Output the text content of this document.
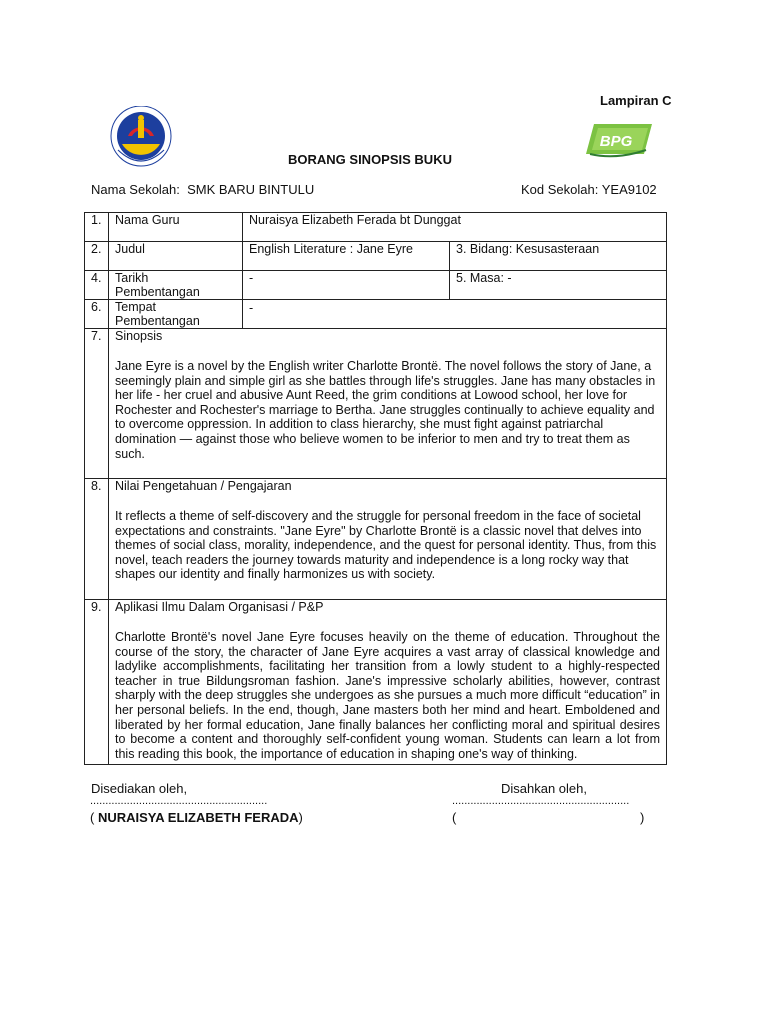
Lampiran C
BPG
BORANG SINOPSIS BUKU
Nama Sekolah: SMK BARU BINTULU	Kod Sekolah: YEA9102
1.	Nama Guru	Nuraisya Elizabeth Ferada bt Dunggat	
2.	Judul	English Literature : Jane Eyre	3. Bidang: Kesusasteraan
4.	Tarikh Pembentangan	-	5. Masa: -
6.	Tempat Pembentangan	-	
7.	Sinopsis
Jane Eyre is a novel by the English writer Charlotte Brontë. The novel follows the story of Jane, a seemingly plain and simple girl as she battles through life's struggles. Jane has many obstacles in her life - her cruel and abusive Aunt Reed, the grim conditions at Lowood school, her love for Rochester and Rochester's marriage to Bertha. Jane struggles continually to achieve equality and to overcome oppression. In addition to class hierarchy, she must fight against patriarchal domination — against those who believe women to be inferior to men and try to treat them as such.		

8.	Nilai Pengetahuan / Pengajaran
It reflects a theme of self-discovery and the struggle for personal freedom in the face of societal expectations and constraints. "Jane Eyre" by Charlotte Brontë is a classic novel that delves into themes of social class, morality, independence, and the quest for personal identity. Thus, from this novel, teach readers the journey towards maturity and independence is a long rocky way that shapes our identity and finally harmonizes us with society.		

9.	Aplikasi Ilmu Dalam Organisasi / P&P
Charlotte Brontë's novel Jane Eyre focuses heavily on the theme of education. Throughout the course of the story, the character of Jane Eyre acquires a vast array of classical knowledge and ladylike accomplishments, facilitating her transition from a lowly student to a highly-respected teacher in true Bildungsroman fashion. Jane's impressive scholarly abilities, however, contrast sharply with the deep struggles she undergoes as she pursues a much more difficult “education” in her personal beliefs. In the end, though, Jane masters both her mind and heart. Emboldened and liberated by her formal education, Jane finally balances her conflicting moral and spiritual desires to become a content and thoroughly self-confident young woman. Students can learn a lot from this reading this book, the importance of education in shaping one's way of thinking.		
Disediakan oleh,	Disahkan oleh,
..........................................................	..........................................................
( NURAISYA ELIZABETH FERADA)	(	)
